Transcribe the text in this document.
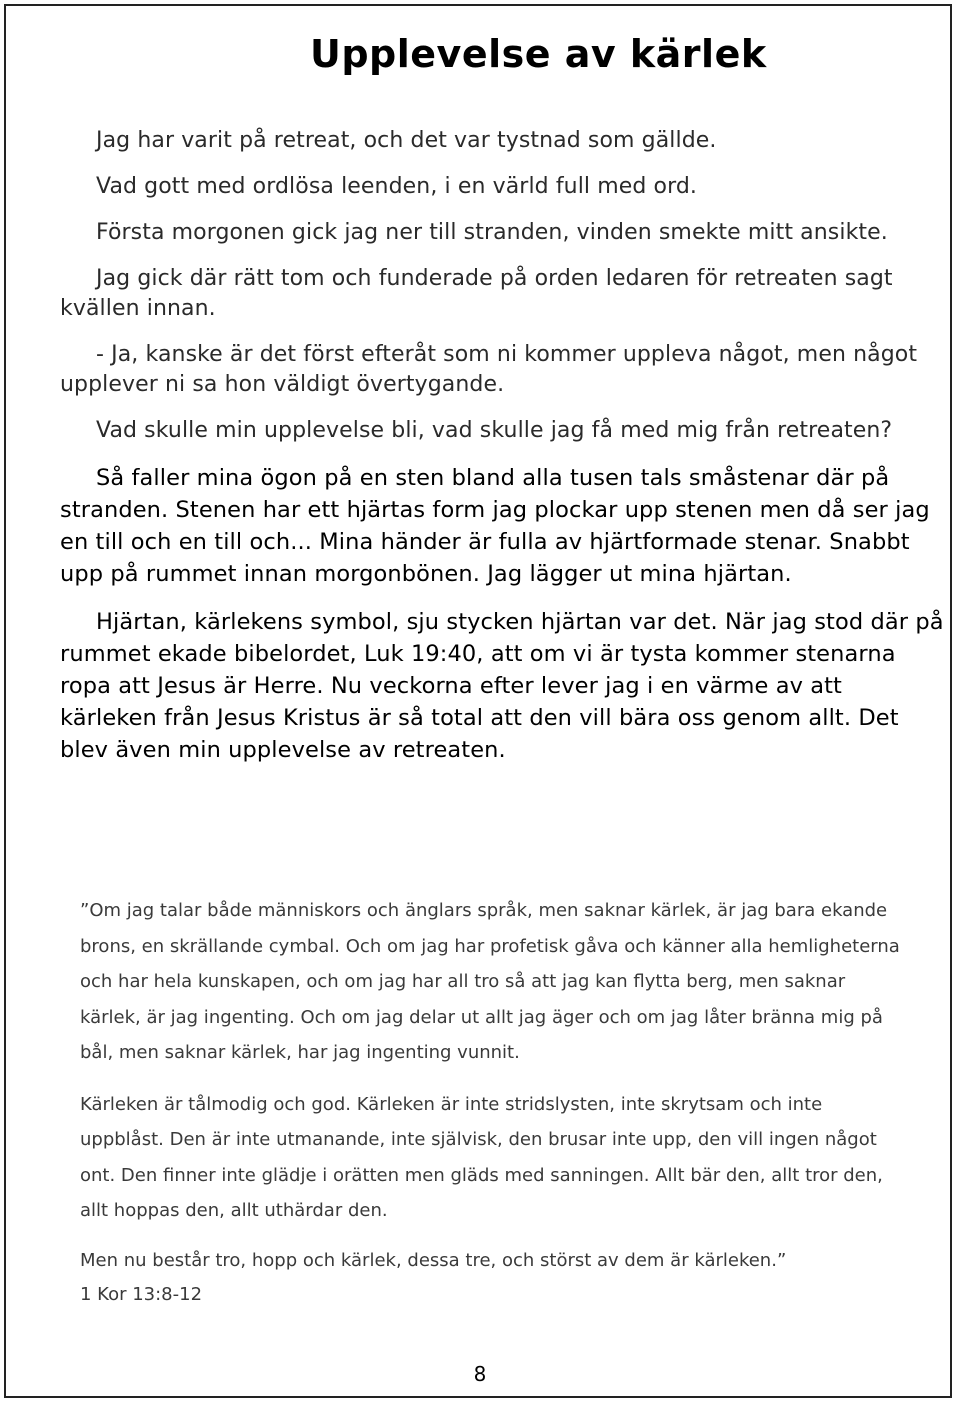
Upplevelse av kärlek

Jag har varit på retreat, och det var tystnad som gällde.

Vad gott med ordlösa leenden, i en värld full med ord.

Första morgonen gick jag ner till stranden, vinden smekte mitt ansikte.

Jag gick där rätt tom och funderade på orden ledaren för retreaten sagt kvällen innan.

- Ja, kanske är det först efteråt som ni kommer uppleva något, men något upplever ni sa hon väldigt övertygande.

Vad skulle min upplevelse bli, vad skulle jag få med mig från retreaten?

Så faller mina ögon på en sten bland alla tusen tals småstenar där på stranden. Stenen har ett hjärtas form jag plockar upp stenen men då ser jag en till och en till och... Mina händer är fulla av hjärtformade stenar. Snabbt upp på rummet innan morgonbönen. Jag lägger ut mina hjärtan.

Hjärtan, kärlekens symbol, sju stycken hjärtan var det. När jag stod där på rummet ekade bibelordet, Luk 19:40, att om vi är tysta kommer stenarna ropa att Jesus är Herre. Nu veckorna efter lever jag i en värme av att kärleken från Jesus Kristus är så total att den vill bära oss genom allt. Det blev även min upplevelse av retreaten.

”Om jag talar både människors och änglars språk, men saknar kärlek, är jag bara ekande brons, en skrällande cymbal. Och om jag har profetisk gåva och känner alla hemligheterna och har hela kunskapen, och om jag har all tro så att jag kan flytta berg, men saknar kärlek, är jag ingenting. Och om jag delar ut allt jag äger och om jag låter bränna mig på bål, men saknar kärlek, har jag ingenting vunnit.

Kärleken är tålmodig och god. Kärleken är inte stridslysten, inte skrytsam och inte uppblåst. Den är inte utmanande, inte självisk, den brusar inte upp, den vill ingen något ont. Den finner inte glädje i orätten men gläds med sanningen. Allt bär den, allt tror den, allt hoppas den, allt uthärdar den.

Men nu består tro, hopp och kärlek, dessa tre, och störst av dem är kärleken.”

1 Kor 13:8-12
8
